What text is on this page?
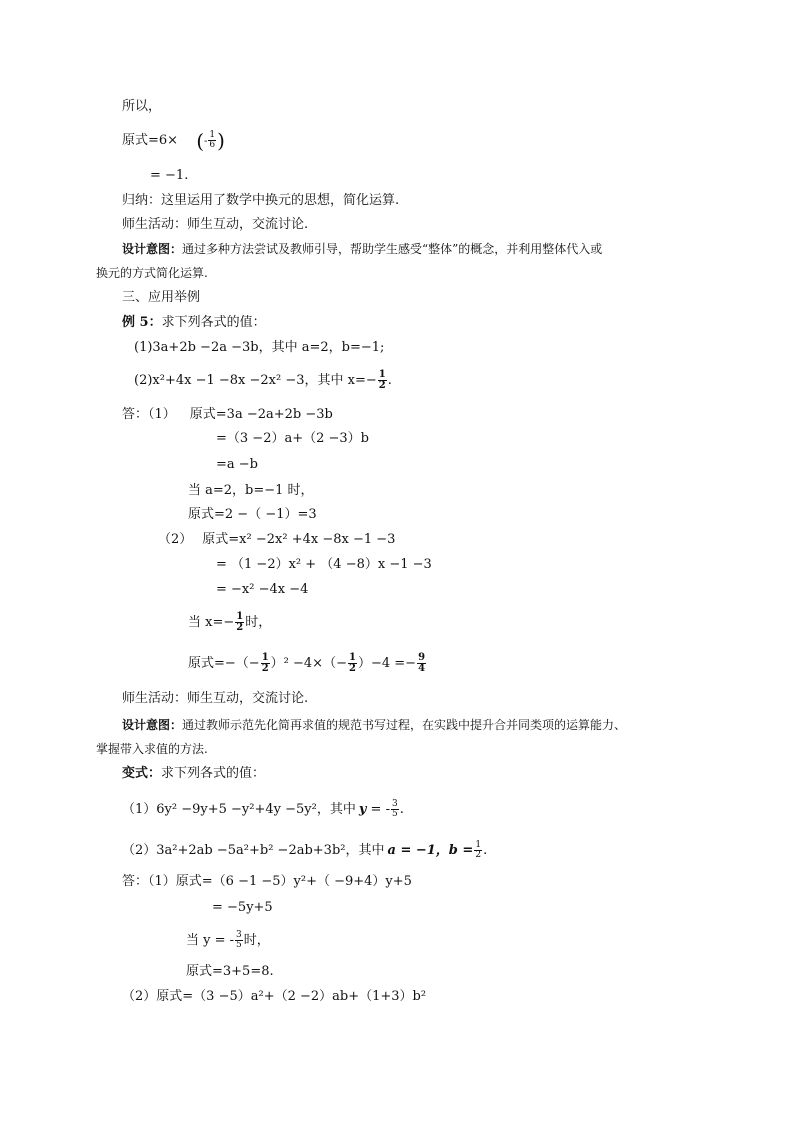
所以，
原式=6× (- $\frac{1}{6}$ )
= −1.
归纳：这里运用了数学中换元的思想，简化运算.
师生活动：师生互动，交流讨论.
设计意图：通过多种方法尝试及教师引导，帮助学生感受“整体”的概念，并利用整体代入或
换元的方式简化运算.
三、应用举例
例 5：求下列各式的值：
(1)3a+2b −2a −3b，其中 a=2，b=−1;
(2)x²+4x −1 −8x −2x² −3，其中 $x=- \frac{1}{2}$ .
答：（1） 原式=3a −2a+2b −3b
=（3 −2）a+（2 −3）b
=a −b
当 a=2，b=−1 时，
原式=2 −（ −1）=3
（2） 原式=x² −2x² +4x −8x −1 −3
= （1 −2）x² + （4 −8）x −1 −3
= −x² −4x −4
当 $x=- \frac{1}{2}$ 时，
原式=−（− $\frac{1}{2} )^2 -4\times(- \frac{1}{2} )-4 =- \frac{9}{4}$
师生活动：师生互动，交流讨论.
设计意图：通过教师示范先化简再求值的规范书写过程，在实践中提升合并同类项的运算能力、
掌握带入求值的方法.
变式：求下列各式的值：
（1）6y² −9y+5 −y²+4y −5y²，其中 y = - $\frac{3}{5}$ .
（2）3a²+2ab −5a²+b² −2ab+3b²，其中 a = −1，$b = \frac{1}{2}$ .
答：（1）原式=（6 −1 −5）y²+（ −9+4）y+5
= −5y+5
当 y = - $\frac{3}{5}$ 时，
原式=3+5=8.
（2）原式=（3 −5）a²+（2 −2）ab+（1+3）b²
